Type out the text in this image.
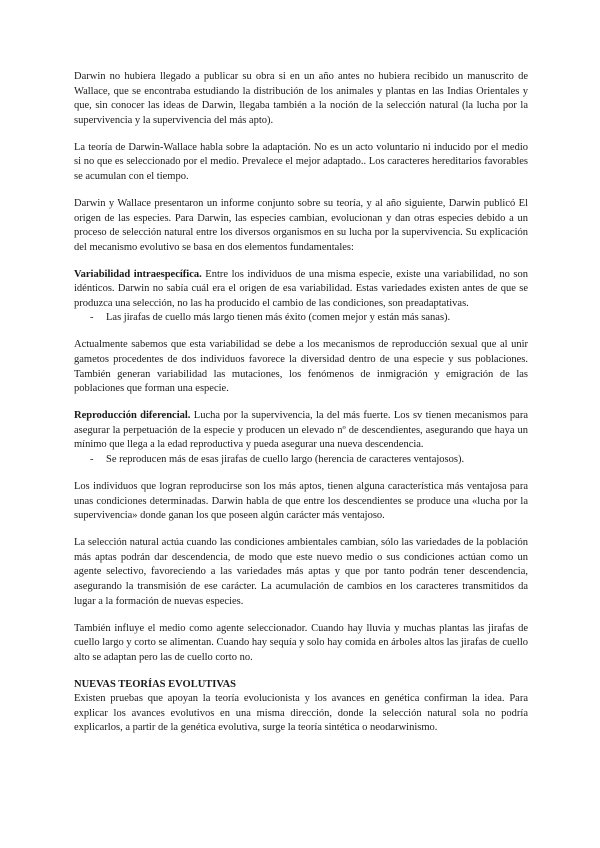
Darwin no hubiera llegado a publicar su obra si en un año antes no hubiera recibido un manuscrito de Wallace, que se encontraba estudiando la distribución de los animales y plantas en las Indias Orientales y que, sin conocer las ideas de Darwin, llegaba también a la noción de la selección natural (la lucha por la supervivencia y la supervivencia del más apto).

La teoría de Darwin-Wallace habla sobre la adaptación. No es un acto voluntario ni inducido por el medio si no que es seleccionado por el medio. Prevalece el mejor adaptado.. Los caracteres hereditarios favorables se acumulan con el tiempo.

Darwin y Wallace presentaron un informe conjunto sobre su teoría, y al año siguiente, Darwin publicó El origen de las especies. Para Darwin, las especies cambian, evolucionan y dan otras especies debido a un proceso de selección natural entre los diversos organismos en su lucha por la supervivencia. Su explicación del mecanismo evolutivo se basa en dos elementos fundamentales:

Variabilidad intraespecífica. Entre los individuos de una misma especie, existe una variabilidad, no son idénticos. Darwin no sabía cuál era el origen de esa variabilidad. Estas variedades existen antes de que se produzca una selección, no las ha producido el cambio de las condiciones, son preadaptativas.

-	Las jirafas de cuello más largo tienen más éxito (comen mejor y están más sanas).

Actualmente sabemos que esta variabilidad se debe a los mecanismos de reproducción sexual que al unir gametos procedentes de dos individuos favorece la diversidad dentro de una especie y sus poblaciones. También generan variabilidad las mutaciones, los fenómenos de inmigración y emigración de las poblaciones que forman una especie.

Reproducción diferencial. Lucha por la supervivencia, la del más fuerte. Los sv tienen mecanismos para asegurar la perpetuación de la especie y producen un elevado nº de descendientes, asegurando que haya un mínimo que llega a la edad reproductiva y pueda asegurar una nueva descendencia.

-	Se reproducen más de esas jirafas de cuello largo (herencia de caracteres ventajosos).

Los individuos que logran reproducirse son los más aptos, tienen alguna característica más ventajosa para unas condiciones determinadas. Darwin habla de que entre los descendientes se produce una «lucha por la supervivencia» donde ganan los que poseen algún carácter más ventajoso.

La selección natural actúa cuando las condiciones ambientales cambian, sólo las variedades de la población más aptas podrán dar descendencia, de modo que este nuevo medio o sus condiciones actúan como un agente selectivo, favoreciendo a las variedades más aptas y que por tanto podrán tener descendencia, asegurando la transmisión de ese carácter. La acumulación de cambios en los caracteres transmitidos da lugar a la formación de nuevas especies.

También influye el medio como agente seleccionador. Cuando hay lluvia y muchas plantas las jirafas de cuello largo y corto se alimentan. Cuando hay sequía y solo hay comida en árboles altos las jirafas de cuello alto se adaptan pero las de cuello corto no.

NUEVAS TEORÍAS EVOLUTIVAS

Existen pruebas que apoyan la teoría evolucionista y los avances en genética confirman la idea. Para explicar los avances evolutivos en una misma dirección, donde la selección natural sola no podría explicarlos, a partir de la genética evolutiva, surge la teoría sintética o neodarwinismo.
